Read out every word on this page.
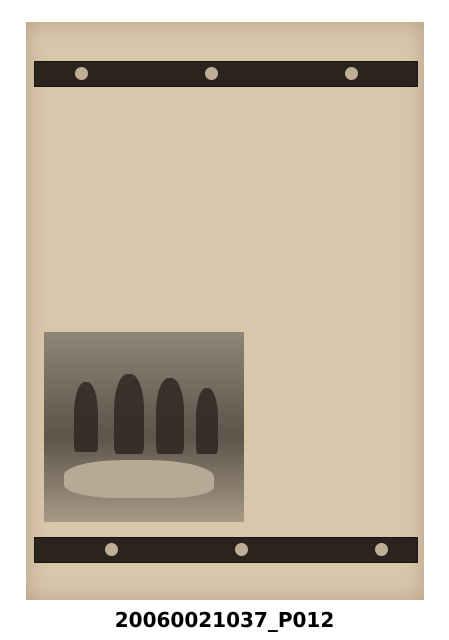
20060021037_P012
